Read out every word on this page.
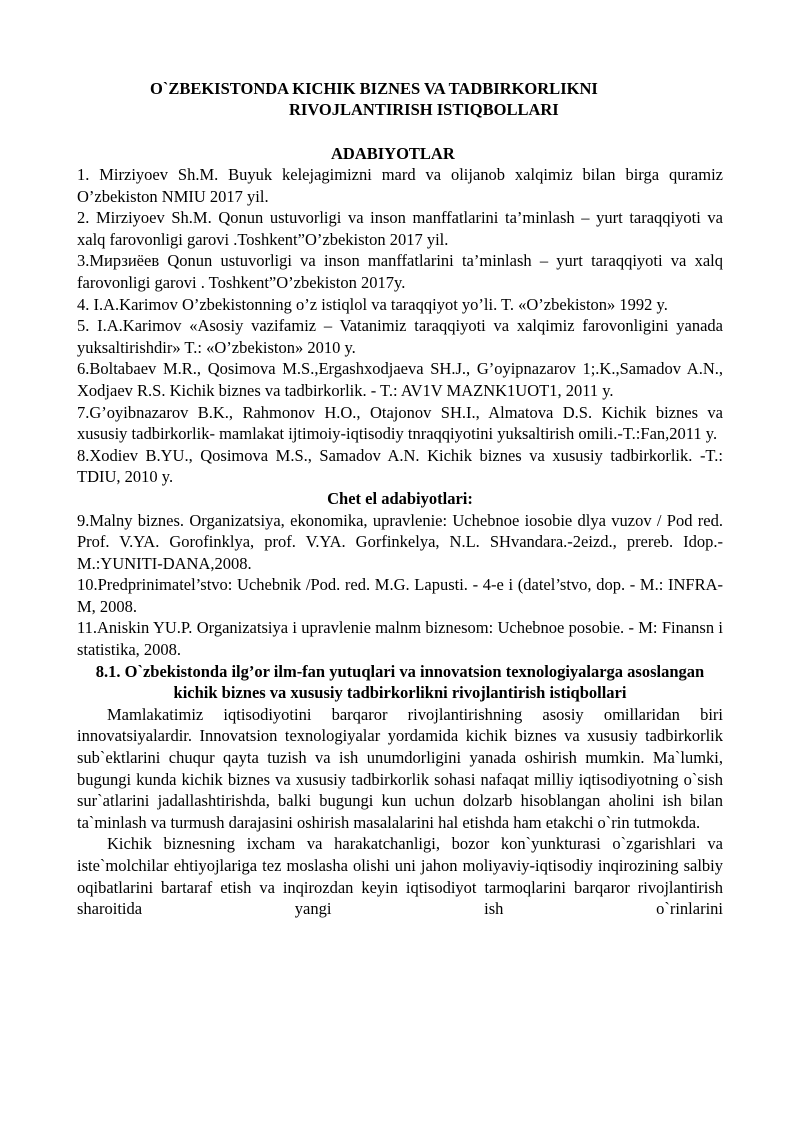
O`ZBEKISTONDA KICHIK BIZNES VA TADBIRKORLIKNI
RIVOJLANTIRISH ISTIQBOLLARI
ADABIYOTLAR

1. Mirziyoev Sh.M. Buyuk kelejagimizni mard va olijanob xalqimiz bilan birga quramiz O’zbekiston NMIU 2017 yil.

2. Mirziyoev Sh.M. Qonun ustuvorligi va inson manffatlarini ta’minlash – yurt taraqqiyoti va xalq farovonligi garovi .Toshkent”O’zbekiston 2017 yil.

3.Мирзиёев Qonun ustuvorligi va inson manffatlarini ta’minlash – yurt taraqqiyoti va xalq farovonligi garovi . Toshkent”O’zbekiston 2017y.

4. I.A.Karimov O’zbekistonning o’z istiqlol va taraqqiyot yo’li. T. «O’zbekiston» 1992 y.

5. I.A.Karimov «Asosiy vazifamiz – Vatanimiz taraqqiyoti va xalqimiz farovonligini yanada yuksaltirishdir» T.: «O’zbekiston» 2010 y.

6.Boltabaev M.R., Qosimova M.S.,Ergashxodjaeva SH.J., G’oyipnazarov 1;.K.,Samadov A.N., Xodjaev R.S. Kichik biznes va tadbirkorlik. - T.: AV1V MAZNK1UOT1, 2011 y.

7.G’oyibnazarov B.K., Rahmonov H.O., Otajonov SH.I., Almatova D.S. Kichik biznes va xususiy tadbirkorlik- mamlakat ijtimoiy-iqtisodiy tnraqqiyotini yuksaltirish omili.-T.:Fan,2011 y.

8.Xodiev B.YU., Qosimova M.S., Samadov A.N. Kichik biznes va xususiy tadbirkorlik. -T.: TDIU, 2010 y.

Chet el adabiyotlari:

9.Malny biznes. Organizatsiya, ekonomika, upravlenie: Uchebnoe iosobie dlya vuzov / Pod red. Prof. V.YA. Gorofinklya, prof. V.YA. Gorfinkelya, N.L. SHvandara.-2eizd., prereb. Idop.-M.:YUNITI-DANA,2008.

10.Predprinimatel’stvo: Uchebnik /Pod. red. M.G. Lapusti. - 4-e i (datel’stvo, dop. - M.: INFRA-M, 2008.

11.Aniskin YU.P. Organizatsiya i upravlenie malnm biznesom: Uchebnoe posobie. - M: Finansn i statistika, 2008.

8.1. O`zbekistonda ilg’or ilm-fan yutuqlari va innovatsion texnologiyalarga asoslangan kichik biznes va xususiy tadbirkorlikni rivojlantirish istiqbollari

Mamlakatimiz iqtisodiyotini barqaror rivojlantirishning asosiy omillaridan biri innovatsiyalardir. Innovatsion texnologiyalar yordamida kichik biznes va xususiy tadbirkorlik sub`ektlarini chuqur qayta tuzish va ish unumdorligini yanada oshirish mumkin. Ma`lumki, bugungi kunda kichik biznes va xususiy tadbirkorlik sohasi nafaqat milliy iqtisodiyotning o`sish sur`atlarini jadallashtirishda, balki bugungi kun uchun dolzarb hisoblangan aholini ish bilan ta`minlash va turmush darajasini oshirish masalalarini hal etishda ham etakchi o`rin tutmokda.

Kichik biznesning ixcham va harakatchanligi, bozor kon`yunkturasi o`zgarishlari va iste`molchilar ehtiyojlariga tez moslasha olishi uni jahon moliyaviy-iqtisodiy inqirozining salbiy oqibatlarini bartaraf etish va inqirozdan keyin iqtisodiyot tarmoqlarini barqaror rivojlantirish sharoitida yangi ish o`rinlarini
